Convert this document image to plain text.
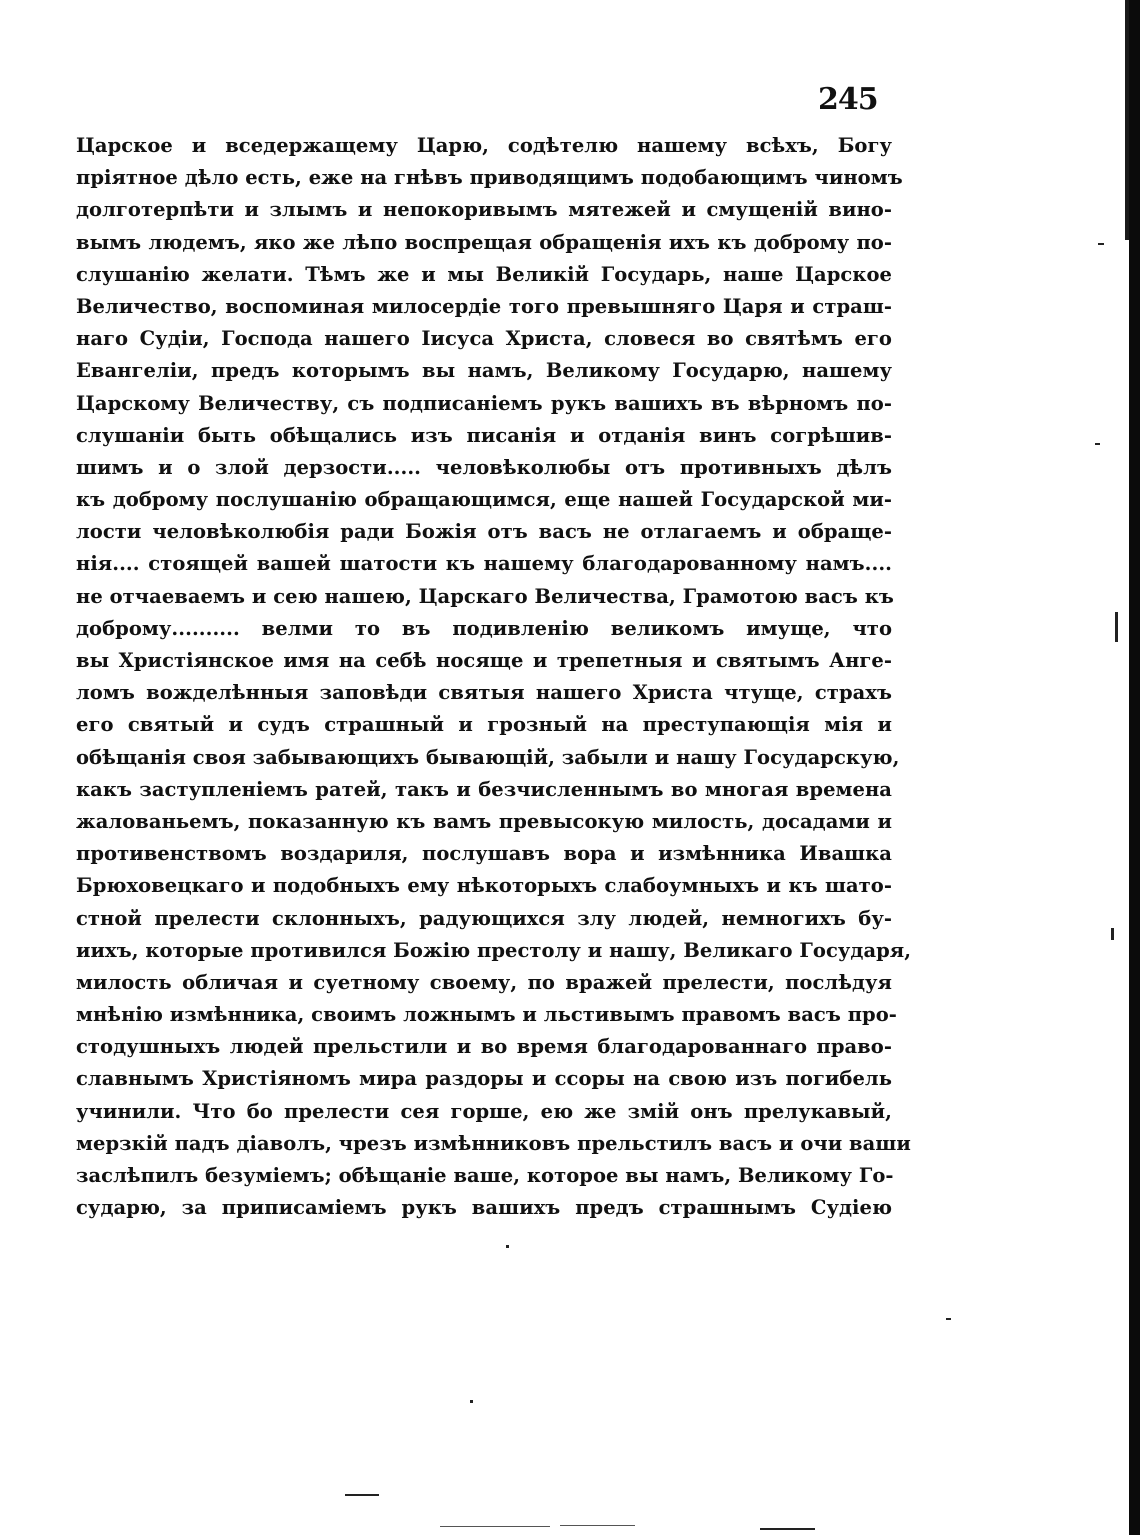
245
Царское и вседержащему Царю, содѣтелю нашему всѣхъ, Богу
пріятное дѣло есть, еже на гнѣвъ приводящимъ подобающимъ чиномъ
долготерпѣти и злымъ и непокоривымъ мятежей и смущеній вино-
вымъ людемъ, яко же лѣпо воспрещая обращенія ихъ къ доброму по-
слушанію желати. Тѣмъ же и мы Великій Государь, наше Царское
Величество, воспоминая милосердіе того превышняго Царя и страш-
наго Судіи, Господа нашего Іисуса Христа, словеся во святѣмъ его
Евангеліи, предъ которымъ вы намъ, Великому Государю, нашему
Царскому Величеству, съ подписаніемъ рукъ вашихъ въ вѣрномъ по-
слушаніи быть обѣщались изъ писанія и отданія винъ согрѣшив-
шимъ и о злой дерзости..... человѣколюбы отъ противныхъ дѣлъ
къ доброму послушанію обращающимся, еще нашей Государской ми-
лости человѣколюбія ради Божія отъ васъ не отлагаемъ и обраще-
нія.... стоящей вашей шатости къ нашему благодарованному намъ....
не отчаеваемъ и сею нашею, Царскаго Величества, Грамотою васъ къ
доброму.......... велми то въ подивленію великомъ имуще, что
вы Христіянское имя на себѣ носяще и трепетныя и святымъ Анге-
ломъ вожделѣнныя заповѣди святыя нашего Христа чтуще, страхъ
его святый и судъ страшный и грозный на преступающія мія и
обѣщанія своя забывающихъ бывающій, забыли и нашу Государскую,
какъ заступленіемъ ратей, такъ и безчисленнымъ во многая времена
жалованьемъ, показанную къ вамъ превысокую милость, досадами и
противенствомъ воздариля, послушавъ вора и измѣнника Ивашка
Брюховецкаго и подобныхъ ему нѣкоторыхъ слабоумныхъ и къ шато-
стной прелести склонныхъ, радующихся злу людей, немногихъ бу-
иихъ, которые противился Божію престолу и нашу, Великаго Государя,
милость обличая и суетному своему, по вражей прелести, послѣдуя
мнѣнію измѣнника, своимъ ложнымъ и льстивымъ правомъ васъ про-
стодушныхъ людей прельстили и во время благодарованнаго право-
славнымъ Христіяномъ мира раздоры и ссоры на свою изъ погибель
учинили. Что бо прелести сея горше, ею же змій онъ прелукавый,
мерзкій падъ діаволъ, чрезъ измѣнниковъ прельстилъ васъ и очи ваши
заслѣпилъ безуміемъ; обѣщаніе ваше, которое вы намъ, Великому Го-
сударю, за приписаміемъ рукъ вашихъ предъ страшнымъ Судіею
